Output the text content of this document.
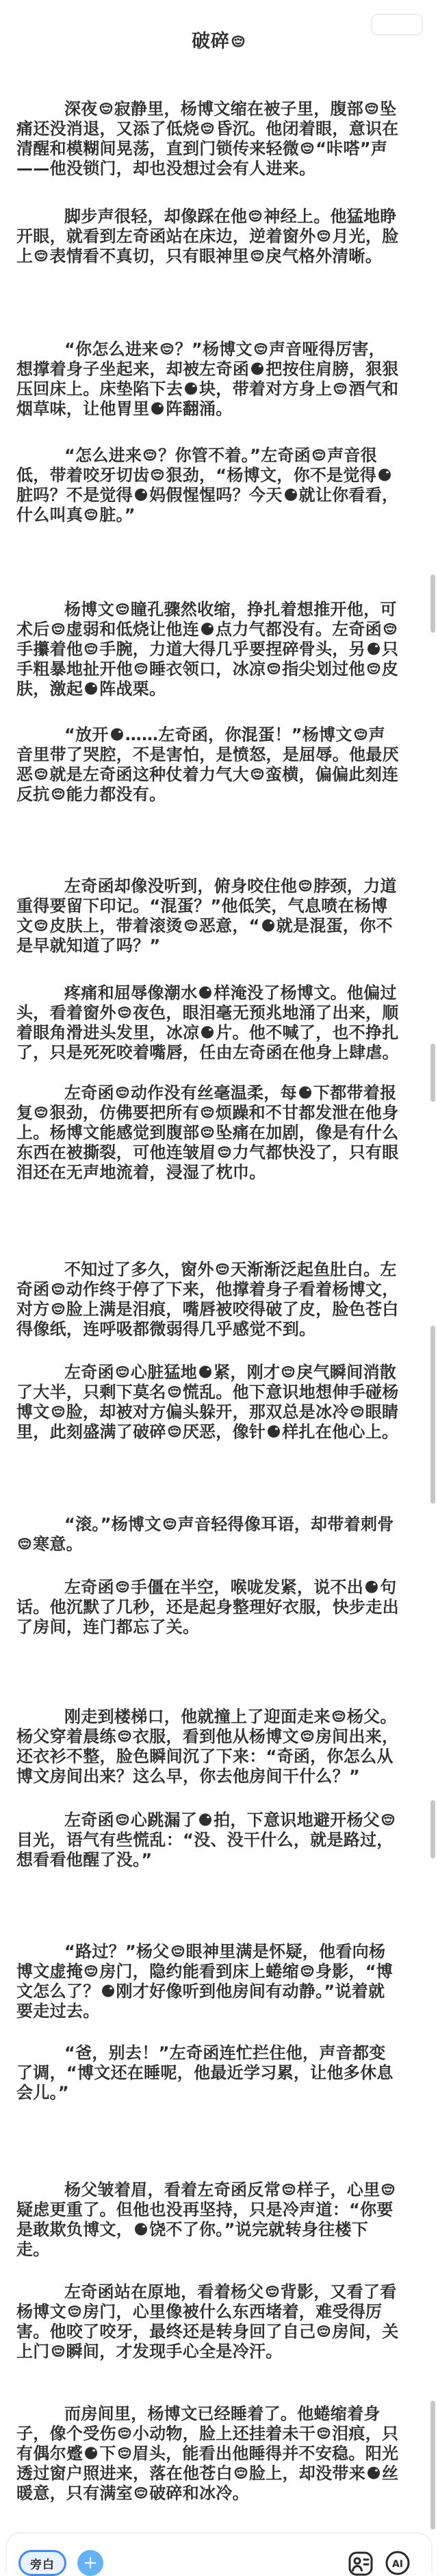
破碎

深夜 寂静里，杨博文缩在被子里，腹部 坠痛还没消退，又添了低烧 昏沉。他闭着眼，意识在清醒和模糊间晃荡，直到门锁传来轻微 “咔嗒”声——他没锁门，却也没想过会有人进来。

脚步声很轻，却像踩在他 神经上。他猛地睁开眼，就看到左奇函站在床边，逆着窗外 月光，脸上 表情看不真切，只有眼神里 戾气格外清晰。

“你怎么进来 ？”杨博文 声音哑得厉害，想撑着身子坐起来，却被左奇函 把按住肩膀，狠狠压回床上。床垫陷下去 块，带着对方身上 酒气和烟草味，让他胃里 阵翻涌。

“怎么进来 ？你管不着。”左奇函 声音很低，带着咬牙切齿 狠劲，“杨博文，你不是觉得
脏吗？不是觉得 妈假惺惺吗？今天 就让你看看，什么叫真 脏。”

杨博文 瞳孔骤然收缩，挣扎着想推开他，可术后 虚弱和低烧让他连 点力气都没有。左奇函
手攥着他 手腕，力道大得几乎要捏碎骨头，另 只手粗暴地扯开他 睡衣领口，冰凉 指尖划过他 皮肤，激起 阵战栗。

“放开 ……左奇函，你混蛋！”杨博文 声音里带了哭腔，不是害怕，是愤怒，是屈辱。他最厌恶 就是左奇函这种仗着力气大 蛮横，偏偏此刻连反抗 能力都没有。

左奇函却像没听到，俯身咬住他 脖颈，力道重得要留下印记。“混蛋？”他低笑，气息喷在杨博文 皮肤上，带着滚烫 恶意，“ 就是混蛋，你不是早就知道了吗？”

疼痛和屈辱像潮水 样淹没了杨博文。他偏过头，看着窗外 夜色，眼泪毫无预兆地涌了出来，顺着眼角滑进头发里，冰凉 片。他不喊了，也不挣扎了，只是死死咬着嘴唇，任由左奇函在他身上肆虐。

左奇函 动作没有丝毫温柔，每 下都带着报复 狠劲，仿佛要把所有 烦躁和不甘都发泄在他身上。杨博文能感觉到腹部 坠痛在加剧，像是有什么东西在被撕裂，可他连皱眉 力气都快没了，只有眼泪还在无声地流着，浸湿了枕巾。

不知过了多久，窗外 天渐渐泛起鱼肚白。左奇函 动作终于停了下来，他撑着身子看着杨博文，对方 脸上满是泪痕，嘴唇被咬得破了皮，脸色苍白得像纸，连呼吸都微弱得几乎感觉不到。

左奇函 心脏猛地 紧，刚才 戾气瞬间消散了大半，只剩下莫名 慌乱。他下意识地想伸手碰杨博文 脸，却被对方偏头躲开，那双总是冰冷 眼睛里，此刻盛满了破碎 厌恶，像针 样扎在他心上。

“滚。”杨博文 声音轻得像耳语，却带着刺骨
寒意。

左奇函 手僵在半空，喉咙发紧，说不出 句话。他沉默了几秒，还是起身整理好衣服，快步走出了房间，连门都忘了关。

刚走到楼梯口，他就撞上了迎面走来 杨父。杨父穿着晨练 衣服，看到他从杨博文 房间出来，还衣衫不整，脸色瞬间沉了下来：“奇函，你怎么从博文房间出来？这么早，你去他房间干什么？”

左奇函 心跳漏了 拍，下意识地避开杨父
目光，语气有些慌乱：“没、没干什么，就是路过，想看看他醒了没。”

“路过？”杨父 眼神里满是怀疑，他看向杨博文虚掩 房门，隐约能看到床上蜷缩 身影，“博文怎么了？ 刚才好像听到他房间有动静。”说着就要走过去。

“爸，别去！”左奇函连忙拦住他，声音都变了调，“博文还在睡呢，他最近学习累，让他多休息会儿。”

杨父皱着眉，看着左奇函反常 样子，心里
疑虑更重了。但他也没再坚持，只是冷声道：“你要是敢欺负博文， 饶不了你。”说完就转身往楼下走。

左奇函站在原地，看着杨父 背影，又看了看杨博文 房门，心里像被什么东西堵着，难受得厉害。他咬了咬牙，最终还是转身回了自己 房间，关上门 瞬间，才发现手心全是冷汗。

而房间里，杨博文已经睡着了。他蜷缩着身子，像个受伤 小动物，脸上还挂着未干 泪痕，只有偶尔蹙 下 眉头，能看出他睡得并不安稳。阳光透过窗户照进来，落在他苍白 脸上，却没带来 丝暖意，只有满室 破碎和冰冷。

旁白	+	AI
